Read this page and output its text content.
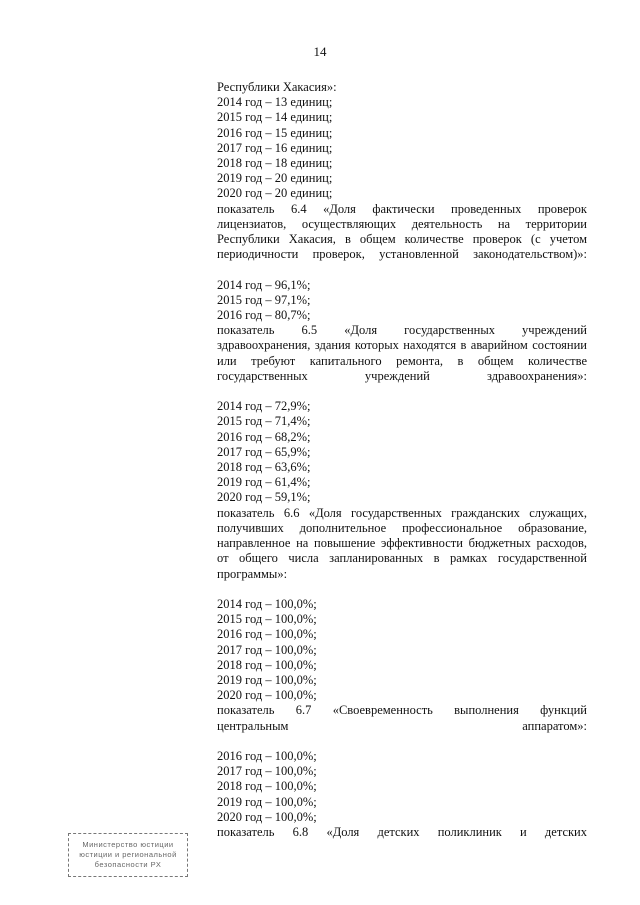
14
Республики Хакасия»:
2014 год – 13 единиц;
2015 год – 14 единиц;
2016 год – 15 единиц;
2017 год – 16 единиц;
2018 год – 18 единиц;
2019 год – 20 единиц;
2020 год – 20 единиц;
показатель 6.4 «Доля фактически проведенных проверок лицензиатов, осуществляющих деятельность на территории Республики Хакасия, в общем количестве проверок (с учетом периодичности проверок, установленной законодательством)»:
2014 год – 96,1%;
2015 год – 97,1%;
2016 год – 80,7%;
показатель 6.5 «Доля государственных учреждений здравоохранения, здания которых находятся в аварийном состоянии или требуют капитального ремонта, в общем количестве государственных учреждений здравоохранения»:
2014 год – 72,9%;
2015 год – 71,4%;
2016 год – 68,2%;
2017 год – 65,9%;
2018 год – 63,6%;
2019 год – 61,4%;
2020 год – 59,1%;
показатель 6.6 «Доля государственных гражданских служащих, получивших дополнительное профессиональное образование, направленное на повышение эффективности бюджетных расходов, от общего числа запланированных в рамках государственной программы»:
2014 год – 100,0%;
2015 год – 100,0%;
2016 год – 100,0%;
2017 год – 100,0%;
2018 год – 100,0%;
2019 год – 100,0%;
2020 год – 100,0%;
показатель 6.7 «Своевременность выполнения функций центральным аппаратом»:
2016 год – 100,0%;
2017 год – 100,0%;
2018 год – 100,0%;
2019 год – 100,0%;
2020 год – 100,0%;
показатель 6.8 «Доля детских поликлиник и детских
Министерство юстиции
юстиции и региональной
безопасности РХ
